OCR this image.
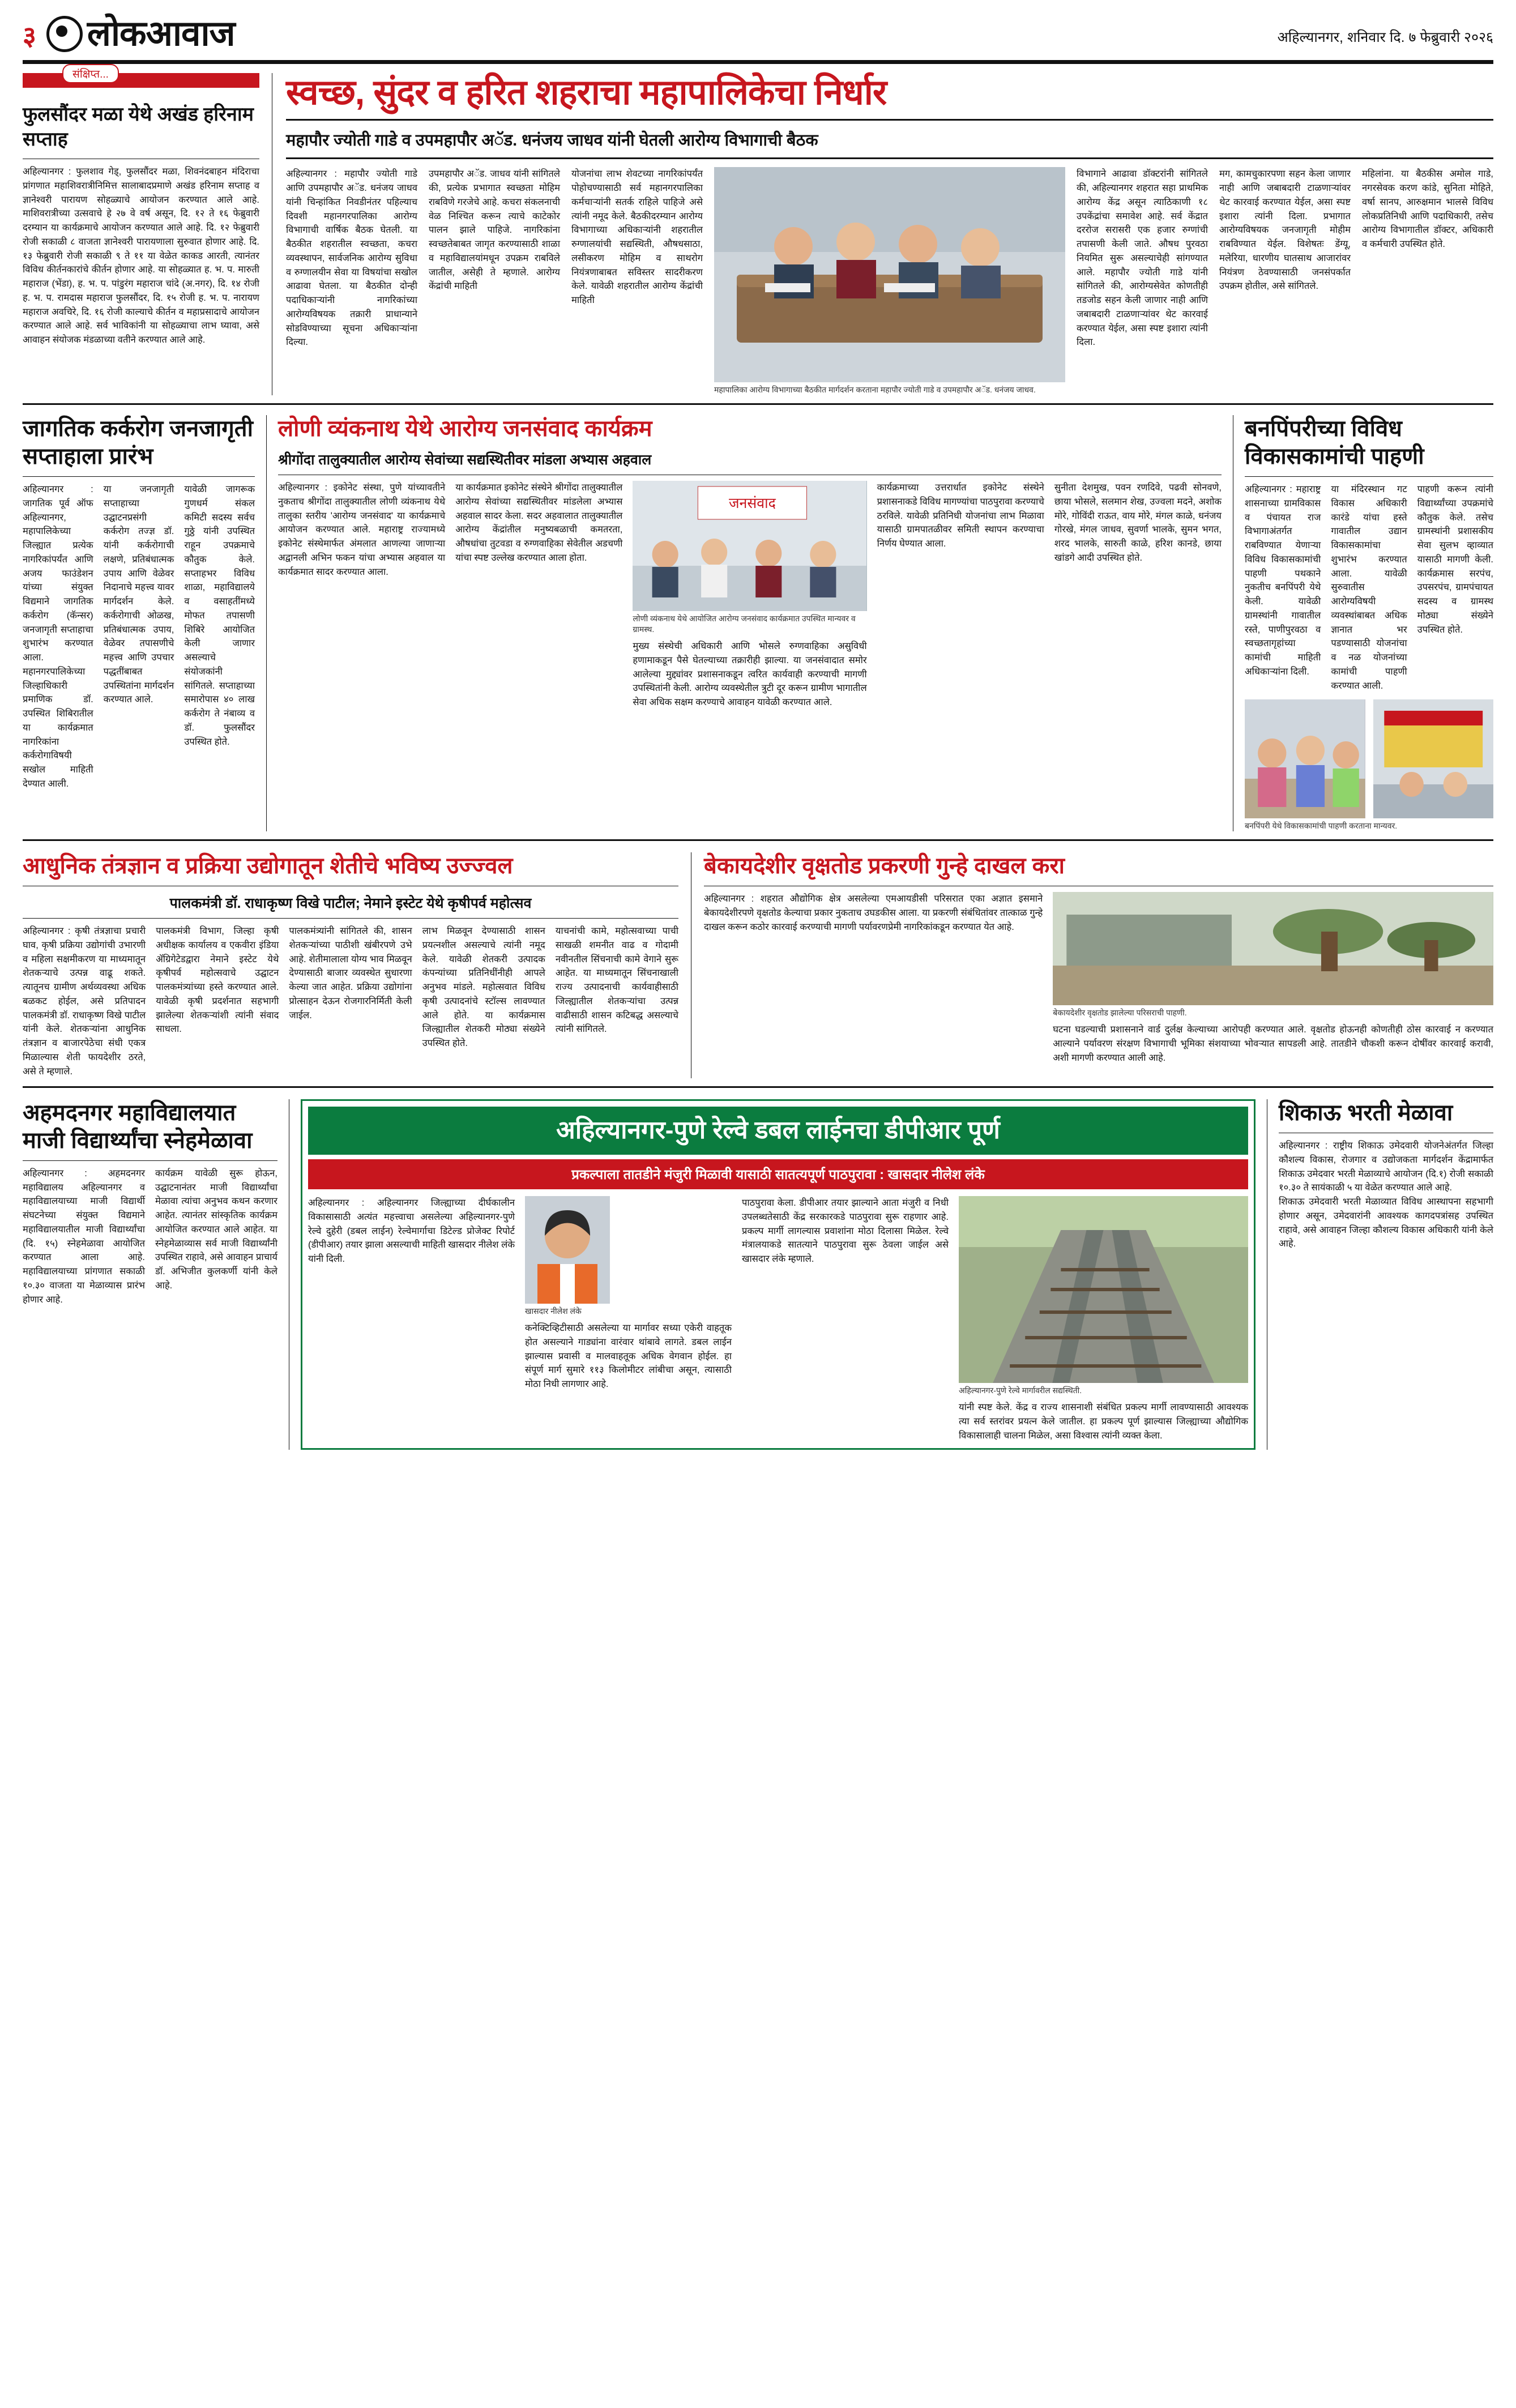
३ लोकआवाज	अहिल्यानगर, शनिवार दि. ७ फेब्रुवारी २०२६
संक्षिप्त...
फुलसौंदर मळा येथे अखंड हरिनाम सप्ताह
अहिल्यानगर : फुलशाव गेड्, फुलसौंदर मळा, शिवनंदबाहन मंदिराचा प्रांगणात महाशिवरात्रीनिमित्त सालाबादप्रमाणे अखंड हरिनाम सप्ताह व ज्ञानेश्वरी पारायण सोहळ्याचे आयोजन करण्यात आले आहे. माशिवरात्रीच्या उत्सवाचे हे २७ वे वर्ष असून, दि. १२ ते १६ फेब्रुवारी दरम्यान या कार्यक्रमाचे आयोजन करण्यात आले आहे. दि. १२ फेब्रुवारी रोजी सकाळी ८ वाजता ज्ञानेश्वरी पारायणाला सुरुवात होणार आहे. दि. १३ फेब्रुवारी रोजी सकाळी ९ ते ११ या वेळेत काकड आरती, त्यानंतर विविध कीर्तनकारांचे कीर्तन होणार आहे. या सोहळ्यात ह. भ. प. मारुती महाराज (भेंडा), ह. भ. प. पांडुरंग महाराज चांदे (अ.नगर), दि. १४ रोजी ह. भ. प. रामदास महाराज फुलसौंदर, दि. १५ रोजी ह. भ. प. नारायण महाराज अवचिरे, दि. १६ रोजी काल्याचे कीर्तन व महाप्रसादाचे आयोजन करण्यात आले आहे. सर्व भाविकांनी या सोहळ्याचा लाभ घ्यावा, असे आवाहन संयोजक मंडळाच्या वतीने करण्यात आले आहे.
स्वच्छ, सुंदर व हरित शहराचा महापालिकेचा निर्धार
महापौर ज्योती गाडे व उपमहापौर अॅड. धनंजय जाधव यांनी घेतली आरोग्य विभागाची बैठक
अहिल्यानगर : महापौर ज्योती गाडे आणि उपमहापौर अॅड. धनंजय जाधव यांनी चिन्हांकित निवडीनंतर पहिल्याच दिवशी महानगरपालिका आरोग्य विभागाची वार्षिक बैठक घेतली. या बैठकीत शहरातील स्वच्छता, कचरा व्यवस्थापन, सार्वजनिक आरोग्य सुविधा व रुग्णालयीन सेवा या विषयांचा सखोल आढावा घेतला. या बैठकीत दोन्ही पदाधिकाऱ्यांनी नागरिकांच्या आरोग्यविषयक तक्रारी प्राधान्याने सोडविण्याच्या सूचना अधिकाऱ्यांना दिल्या.
उपमहापौर अॅड. जाधव यांनी सांगितले की, प्रत्येक प्रभागात स्वच्छता मोहिम राबविणे गरजेचे आहे. कचरा संकलनाची वेळ निश्चित करून त्याचे काटेकोर पालन झाले पाहिजे. नागरिकांना स्वच्छतेबाबत जागृत करण्यासाठी शाळा व महाविद्यालयांमधून उपक्रम राबविले जातील, असेही ते म्हणाले. आरोग्य केंद्रांची माहिती
योजनांचा लाभ शेवटच्या नागरिकांपर्यंत पोहोचण्यासाठी सर्व महानगरपालिका कर्मचाऱ्यांनी सतर्क राहिले पाहिजे असे त्यांनी नमूद केले. बैठकीदरम्यान आरोग्य विभागाच्या अधिकाऱ्यांनी शहरातील रुग्णालयांची सद्यस्थिती, औषधसाठा, लसीकरण मोहिम व साथरोग नियंत्रणाबाबत सविस्तर सादरीकरण केले. यावेळी शहरातील आरोग्य केंद्रांची माहिती
महापालिका आरोग्य विभागाच्या बैठकीत मार्गदर्शन करताना महापौर ज्योती गाडे व उपमहापौर अॅड. धनंजय जाधव.
विभागाने आढावा डॉक्टरांनी सांगितले की, अहिल्यानगर शहरात सहा प्राथमिक आरोग्य केंद्र असून त्याठिकाणी १८ उपकेंद्रांचा समावेश आहे. सर्व केंद्रात दररोज सरासरी एक हजार रुग्णांची तपासणी केली जाते. औषध पुरवठा नियमित सुरू असल्याचेही सांगण्यात आले. महापौर ज्योती गाडे यांनी सांगितले की, आरोग्यसेवेत कोणतीही तडजोड सहन केली जाणार नाही आणि जबाबदारी टाळणाऱ्यांवर थेट कारवाई करण्यात येईल, असा स्पष्ट इशारा त्यांनी दिला.
मग, कामचुकारपणा सहन केला जाणार नाही आणि जबाबदारी टाळणाऱ्यांवर थेट कारवाई करण्यात येईल, असा स्पष्ट इशारा त्यांनी दिला. प्रभागात आरोग्यविषयक जनजागृती मोहीम राबविण्यात येईल. विशेषतः डेंग्यू, मलेरिया, धारणीय घातसाथ आजारांवर नियंत्रण ठेवण्यासाठी जनसंपर्कात उपक्रम होतील, असे सांगितले.
महिलांना. या बैठकीस अमोल गाडे, नगरसेवक करण कांडे, सुनिता मोहिते, वर्षा सानप, आरुक्षमान भालसे विविध लोकप्रतिनिधी आणि पदाधिकारी, तसेच आरोग्य विभागातील डॉक्टर, अधिकारी व कर्मचारी उपस्थित होते.
जागतिक कर्करोग जनजागृती सप्ताहाला प्रारंभ
अहिल्यानगर : जागतिक पूर्व ऑफ अहिल्यानगर, महापालिकेच्या जिल्ह्यात प्रत्येक नागरिकांपर्यंत आणि अजय फाउंडेशन यांच्या संयुक्त विद्यमाने जागतिक कर्करोग (कॅन्सर) जनजागृती सप्ताहाचा शुभारंभ करण्यात आला. महानगरपालिकेच्या जिल्हाधिकारी प्रमाणिक डॉ. उपस्थित शिबिरातील या कार्यक्रमात नागरिकांना कर्करोगाविषयी सखोल माहिती देण्यात आली.
या जनजागृती सप्ताहाच्या उद्घाटनप्रसंगी कर्करोग तज्ज्ञ डॉ. यांनी कर्करोगाची लक्षणे, प्रतिबंधात्मक उपाय आणि वेळेवर निदानाचे महत्त्व यावर मार्गदर्शन केले. कर्करोगाची ओळख, प्रतिबंधात्मक उपाय, वेळेवर तपासणीचे महत्त्व आणि उपचार पद्धतींबाबत उपस्थितांना मार्गदर्शन करण्यात आले.
यावेळी जागरूक गुणधर्म संकल कमिटी सदस्य सर्वच गुठ्ठे यांनी उपस्थित राहून उपक्रमाचे कौतुक केले. सप्ताहभर विविध शाळा, महाविद्यालये व वसाहतींमध्ये मोफत तपासणी शिबिरे आयोजित केली जाणार असल्याचे संयोजकांनी सांगितले. सप्ताहाच्या समारोपास ४० लाख कर्करोग ते नंबाव्य व डॉ. फुलसौंदर उपस्थित होते.
लोणी व्यंकनाथ येथे आरोग्य जनसंवाद कार्यक्रम
श्रीगोंदा तालुक्यातील आरोग्य सेवांच्या सद्यस्थितीवर मांडला अभ्यास अहवाल
अहिल्यानगर : इकोनेट संस्था, पुणे यांच्यावतीने नुकताच श्रीगोंदा तालुक्यातील लोणी व्यंकनाथ येथे तालुका स्तरीय 'आरोग्य जनसंवाद' या कार्यक्रमाचे आयोजन करण्यात आले. महाराष्ट्र राज्यामध्ये इकोनेट संस्थेमार्फत अंमलात आणल्या जाणाऱ्या अद्वानली अभिन फकन यांचा अभ्यास अहवाल या कार्यक्रमात सादर करण्यात आला.
या कार्यक्रमात इकोनेट संस्थेने श्रीगोंदा तालुक्यातील आरोग्य सेवांच्या सद्यस्थितीवर मांडलेला अभ्यास अहवाल सादर केला. सदर अहवालात तालुक्यातील आरोग्य केंद्रांतील मनुष्यबळाची कमतरता, औषधांचा तुटवडा व रुग्णवाहिका सेवेतील अडचणी यांचा स्पष्ट उल्लेख करण्यात आला होता.
जनसंवाद
लोणी व्यंकनाथ येथे आयोजित आरोग्य जनसंवाद कार्यक्रमात उपस्थित मान्यवर व ग्रामस्थ.
मुख्य संस्थेची अधिकारी आणि भोसले रुग्णवाहिका असुविधी हणामाकडून पैसे घेतल्याच्या तक्रारीही झाल्या. या जनसंवादात समोर आलेल्या मुद्द्यांवर प्रशासनाकडून त्वरित कार्यवाही करण्याची मागणी उपस्थितांनी केली. आरोग्य व्यवस्थेतील त्रुटी दूर करून ग्रामीण भागातील सेवा अधिक सक्षम करण्याचे आवाहन यावेळी करण्यात आले.
कार्यक्रमाच्या उत्तरार्धात इकोनेट संस्थेने प्रशासनाकडे विविध मागण्यांचा पाठपुरावा करण्याचे ठरविले. यावेळी प्रतिनिधी योजनांचा लाभ मिळावा यासाठी ग्रामपातळीवर समिती स्थापन करण्याचा निर्णय घेण्यात आला.
सुनीता देशमुख, पवन रणदिवे, पढवी सोनवणे, छाया भोसले, सलमान शेख, उज्वला मदने, अशोक मोरे, गोविंदी राऊत, वाय मोरे, मंगल काळे, धनंजय गोरखे, मंगल जाधव, सुवर्णा भालके, सुमन भगत, शरद भालके, सारुती काळे, हरिश कानडे, छाया खांडगे आदी उपस्थित होते.
बनपिंपरीच्या विविध विकासकामांची पाहणी
अहिल्यानगर : महाराष्ट्र शासनाच्या ग्रामविकास व पंचायत राज विभागाअंतर्गत राबविण्यात येणाऱ्या विविध विकासकामांची पाहणी पथकाने नुकतीच बनपिंपरी येथे केली. यावेळी ग्रामस्थांनी गावातील रस्ते, पाणीपुरवठा व स्वच्छतागृहांच्या कामांची माहिती अधिकाऱ्यांना दिली.
या मंदिरस्थान गट विकास अधिकारी कारंडे यांचा हस्ते गावातील उद्यान विकासकामांचा शुभारंभ करण्यात आला. यावेळी सुरुवातीस आरोग्यविषयी व्यवस्थांबाबत अधिक ज्ञानात भर पडण्यासाठी योजनांचा व नळ योजनांच्या कामांची पाहणी करण्यात आली.
पाहणी करून त्यांनी विद्यार्थ्यांच्या उपक्रमांचे कौतुक केले. तसेच ग्रामस्थांनी प्रशासकीय सेवा सुलभ व्हाव्यात यासाठी मागणी केली. कार्यक्रमास सरपंच, उपसरपंच, ग्रामपंचायत सदस्य व ग्रामस्थ मोठ्या संख्येने उपस्थित होते.
बनपिंपरी येथे विकासकामांची पाहणी करताना मान्यवर.
आधुनिक तंत्रज्ञान व प्रक्रिया उद्योगातून शेतीचे भविष्य उज्ज्वल
पालकमंत्री डॉ. राधाकृष्ण विखे पाटील; नेमाने इस्टेट येथे कृषीपर्व महोत्सव
अहिल्यानगर : कृषी तंत्रज्ञाचा प्रचारी घाव, कृषी प्रक्रिया उद्योगांची उभारणी व महिला सक्षमीकरण या माध्यमातून शेतकऱ्याचे उत्पन्न वाढू शकते. त्यातूनच ग्रामीण अर्थव्यवस्था अधिक बळकट होईल, असे प्रतिपादन पालकमंत्री डॉ. राधाकृष्ण विखे पाटील यांनी केले. शेतकऱ्यांना आधुनिक तंत्रज्ञान व बाजारपेठेचा संधी एकत्र मिळाल्यास शेती फायदेशीर ठरते, असे ते म्हणाले.
पालकमंत्री विभाग, जिल्हा कृषी अधीक्षक कार्यालय व एकवीरा इंडिया ॲग्रिगेटेडद्वारा नेमाने इस्टेट येथे कृषीपर्व महोत्सवाचे उद्घाटन पालकमंत्र्यांच्या हस्ते करण्यात आले. यावेळी कृषी प्रदर्शनात सहभागी झालेल्या शेतकऱ्यांशी त्यांनी संवाद साधला.
पालकमंत्र्यांनी सांगितले की, शासन शेतकऱ्यांच्या पाठीशी खंबीरपणे उभे आहे. शेतीमालाला योग्य भाव मिळवून देण्यासाठी बाजार व्यवस्थेत सुधारणा केल्या जात आहेत. प्रक्रिया उद्योगांना प्रोत्साहन देऊन रोजगारनिर्मिती केली जाईल.
लाभ मिळवून देण्यासाठी शासन प्रयत्नशील असल्याचे त्यांनी नमूद केले. यावेळी शेतकरी उत्पादक कंपन्यांच्या प्रतिनिधींनीही आपले अनुभव मांडले. महोत्सवात विविध कृषी उत्पादनांचे स्टॉल्स लावण्यात आले होते. या कार्यक्रमास जिल्ह्यातील शेतकरी मोठ्या संख्येने उपस्थित होते.
याचनांची कामे, महोत्सवाच्या पाची साखळी शमनीत वाढ व गोदामी नवीनतील सिंचनाची कामे वेगाने सुरू आहेत. या माध्यमातून सिंचनाखाली राज्य उत्पादनाची कार्यवाहीसाठी जिल्ह्यातील शेतकऱ्यांचा उत्पन्न वाढीसाठी शासन कटिबद्ध असल्याचे त्यांनी सांगितले.
बेकायदेशीर वृक्षतोड प्रकरणी गुन्हे दाखल करा
अहिल्यानगर : शहरात औद्योगिक क्षेत्र असलेल्या एमआयडीसी परिसरात एका अज्ञात इसमाने बेकायदेशीरपणे वृक्षतोड केल्याचा प्रकार नुकताच उघडकीस आला. या प्रकरणी संबंधितांवर तात्काळ गुन्हे दाखल करून कठोर कारवाई करण्याची मागणी पर्यावरणप्रेमी नागरिकांकडून करण्यात येत आहे.
बेकायदेशीर वृक्षतोड झालेल्या परिसराची पाहणी.
घटना घडल्याची प्रशासनाने वार्ड दुर्लक्ष केल्याच्या आरोपही करण्यात आले. वृक्षतोड होऊनही कोणतीही ठोस कारवाई न करण्यात आल्याने पर्यावरण संरक्षण विभागाची भूमिका संशयाच्या भोवऱ्यात सापडली आहे. तातडीने चौकशी करून दोषींवर कारवाई करावी, अशी मागणी करण्यात आली आहे.
अहमदनगर महाविद्यालयात माजी विद्यार्थ्यांचा स्नेहमेळावा
अहिल्यानगर : अहमदनगर महाविद्यालय अहिल्यानगर व महाविद्यालयाच्या माजी विद्यार्थी संघटनेच्या संयुक्त विद्यमाने महाविद्यालयातील माजी विद्यार्थ्यांचा (दि. १५) स्नेहमेळावा आयोजित करण्यात आला आहे. महाविद्यालयाच्या प्रांगणात सकाळी १०.३० वाजता या मेळाव्यास प्रारंभ होणार आहे.
कार्यक्रम यावेळी सुरू होऊन, उद्घाटनानंतर माजी विद्यार्थ्यांचा मेळावा त्यांचा अनुभव कथन करणार आहेत. त्यानंतर सांस्कृतिक कार्यक्रम आयोजित करण्यात आले आहेत. या स्नेहमेळाव्यास सर्व माजी विद्यार्थ्यांनी उपस्थित राहावे, असे आवाहन प्राचार्य डॉ. अभिजीत कुलकर्णी यांनी केले आहे.
अहिल्यानगर-पुणे रेल्वे डबल लाईनचा डीपीआर पूर्ण
प्रकल्पाला तातडीने मंजुरी मिळावी यासाठी सातत्यपूर्ण पाठपुरावा : खासदार नीलेश लंके
अहिल्यानगर : अहिल्यानगर जिल्ह्याच्या दीर्घकालीन विकासासाठी अत्यंत महत्त्वाचा असलेल्या अहिल्यानगर-पुणे रेल्वे दुहेरी (डबल लाईन) रेल्वेमार्गाचा डिटेल्ड प्रोजेक्ट रिपोर्ट (डीपीआर) तयार झाला असल्याची माहिती खासदार नीलेश लंके यांनी दिली.
खासदार नीलेश लंके
कनेक्टिव्हिटीसाठी असलेल्या या मार्गावर सध्या एकेरी वाहतूक होत असल्याने गाड्यांना वारंवार थांबावे लागते. डबल लाईन झाल्यास प्रवासी व मालवाहतूक अधिक वेगवान होईल. हा संपूर्ण मार्ग सुमारे ११३ किलोमीटर लांबीचा असून, त्यासाठी मोठा निधी लागणार आहे.
पाठपुरावा केला. डीपीआर तयार झाल्याने आता मंजुरी व निधी उपलब्धतेसाठी केंद्र सरकारकडे पाठपुरावा सुरू राहणार आहे. प्रकल्प मार्गी लागल्यास प्रवाशांना मोठा दिलासा मिळेल. रेल्वे मंत्रालयाकडे सातत्याने पाठपुरावा सुरू ठेवला जाईल असे खासदार लंके म्हणाले.
अहिल्यानगर-पुणे रेल्वे मार्गावरील सद्यस्थिती.
यांनी स्पष्ट केले. केंद्र व राज्य शासनाशी संबंधित प्रकल्प मार्गी लावण्यासाठी आवश्यक त्या सर्व स्तरांवर प्रयत्न केले जातील. हा प्रकल्प पूर्ण झाल्यास जिल्ह्याच्या औद्योगिक विकासालाही चालना मिळेल, असा विश्वास त्यांनी व्यक्त केला.
शिकाऊ भरती मेळावा
अहिल्यानगर : राष्ट्रीय शिकाऊ उमेदवारी योजनेअंतर्गत जिल्हा कौशल्य विकास, रोजगार व उद्योजकता मार्गदर्शन केंद्रामार्फत शिकाऊ उमेदवार भरती मेळाव्याचे आयोजन (दि.१) रोजी सकाळी १०.३० ते सायंकाळी ५ या वेळेत करण्यात आले आहे.
शिकाऊ उमेदवारी भरती मेळाव्यात विविध आस्थापना सहभागी होणार असून, उमेदवारांनी आवश्यक कागदपत्रांसह उपस्थित राहावे, असे आवाहन जिल्हा कौशल्य विकास अधिकारी यांनी केले आहे.
